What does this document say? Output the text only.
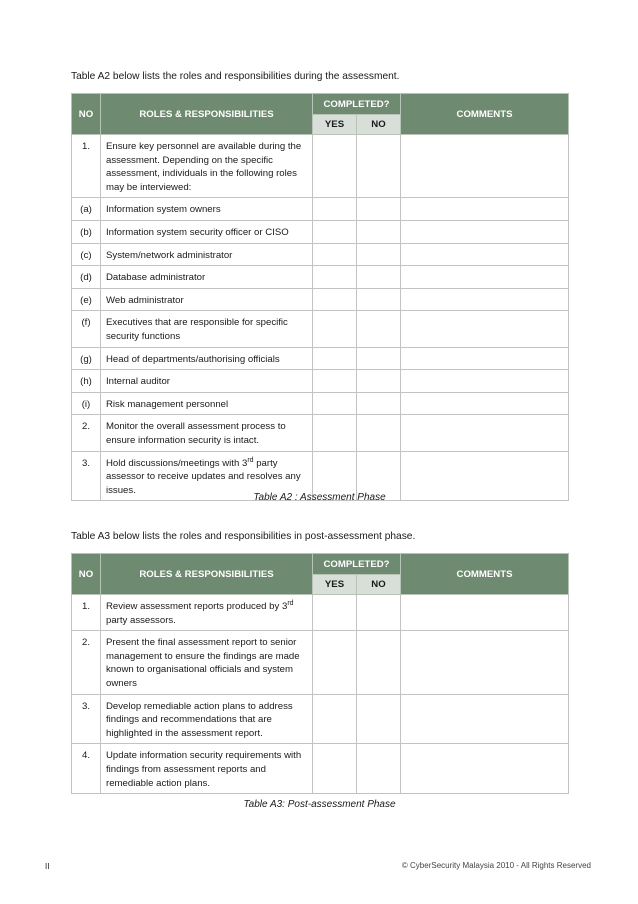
Table A2 below lists the roles and responsibilities during the assessment.
NO	ROLES & RESPONSIBILITIES	COMPLETED?		COMMENTS
		YES	NO	
1.	Ensure key personnel are available during the assessment. Depending on the specific assessment, individuals in the following roles may be interviewed:			
(a)	Information system owners			
(b)	Information system security officer or CISO			
(c)	System/network administrator			
(d)	Database administrator			
(e)	Web administrator			
(f)	Executives that are responsible for specific security functions			
(g)	Head of departments/authorising officials			
(h)	Internal auditor			
(i)	Risk management personnel			
2.	Monitor the overall assessment process to ensure information security is intact.			
3.	Hold discussions/meetings with 3rd party assessor to receive updates and resolves any issues.			
Table A2 : Assessment Phase
Table A3 below lists the roles and responsibilities in post-assessment phase.
NO	ROLES & RESPONSIBILITIES	COMPLETED?		COMMENTS
		YES	NO	
1.	Review assessment reports produced by 3rd party assessors.			
2.	Present the final assessment report to senior management to ensure the findings are made known to organisational officials and system owners			
3.	Develop remediable action plans to address findings and recommendations that are highlighted in the assessment report.			
4.	Update information security requirements with findings from assessment reports and remediable action plans.			
Table A3: Post-assessment Phase
II	© CyberSecurity Malaysia 2010 - All Rights Reserved
